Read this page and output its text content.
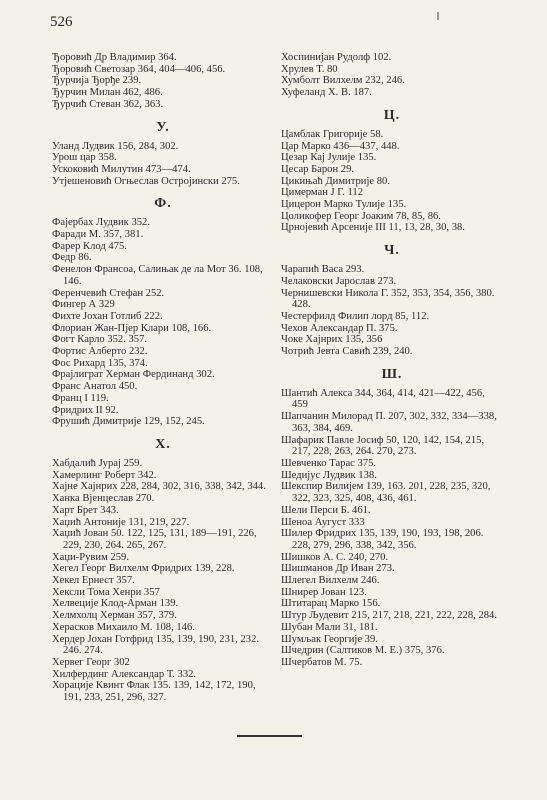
526
Ђоровић Др Владимир 364.
Ђоровић Светозар 364, 404—406, 456.
Ђурчија Ђорђе 239.
Ђурчин Милан 462, 486.
Ђурчић Стеван 362, 363.
У.
Уланд Лудвик 156, 284, 302.
Урош цар 358.
Ускоковић Милутин 473—474.
Утјешеновић Огњеслав Остројински 275.
Ф.
Фајербах Лудвик 352.
Фаради М. 357, 381.
Фарер Клод 475.
Федр 86.
Фенелон Франсоа, Салињак де ла Мот 36. 108, 146.
Ференчевић Стефан 252.
Фингер А 329
Фихте Јохан Готлиб 222.
Флориан Жан-Пјер Клари 108, 166.
Фогт Карло 352. 357.
Фортис Алберто 232.
Фос Рихард 135, 374.
Фрајлиграт Херман Фердинанд 302.
Франс Анатол 450.
Франц I 119.
Фридрих II 92.
Фрушић Димитрије 129, 152, 245.
Х.
Хабдалић Јурај 259.
Хамерлинг Роберт 342.
Хајне Хајнрих 228, 284, 302, 316, 338, 342, 344.
Ханка Вјенцеслав 270.
Харт Брет 343.
Хаџић Антоније 131, 219, 227.
Хаџић Јован 50. 122, 125, 131, 189—191, 226, 229, 230, 264. 265, 267.
Хаџи-Рувим 259.
Хегел Георг Вилхелм Фридрих 139, 228.
Хекел Ернест 357.
Хексли Тома Хенри 357
Хелвеције Клод-Арман 139.
Хелмхолц Херман 357, 379.
Херасков Михаило М. 108, 146.
Хердер Јохан Готфрид 135, 139, 190, 231, 232. 246. 274.
Хервег Георг 302
Хилфердинг Александар Т. 332.
Хорације Квинт Флак 135. 139, 142, 172, 190, 191, 233, 251, 296, 327.
Хоспинијан Рудолф 102.
Хрулев Т. 80
Хумболт Вилхелм 232, 246.
Хуфеланд Х. В. 187.
Ц.
Цамблак Григорије 58.
Цар Марко 436—437, 448.
Цезар Кај Јулије 135.
Цесар Барон 29.
Цикињаћ Димитрије 80.
Цимерман Ј Г. 112
Цицерон Марко Тулије 135.
Цоликофер Георг Јоаким 78, 85, 86.
Црнојевић Арсеније III 11, 13, 28, 30, 38.
Ч.
Чарапић Васа 293.
Челаковски Јарослав 273.
Чернишевски Никола Г. 352, 353, 354, 356, 380. 428.
Честерфилд Филип лорд 85, 112.
Чехов Александар П. 375.
Чоке Хајнрих 135, 356
Чотрић Јевта Савић 239, 240.
Ш.
Шантић Алекса 344, 364, 414, 421—422, 456, 459
Шапчанин Милорад П. 207, 302, 332, 334—338, 363, 384, 469.
Шафарик Павле Јосиф 50, 120, 142, 154, 215, 217, 228, 263, 264. 270, 273.
Шевченко Тарас 375.
Шедијус Лудвик 138.
Шекспир Вилијем 139, 163. 201, 228, 235, 320, 322, 323, 325, 408, 436, 461.
Шели Перси Б. 461.
Шеноа Аугуст 333
Шилер Фридрих 135, 139, 190, 193, 198, 206. 228, 279, 296, 338, 342, 356.
Шишков А. С. 240, 270.
Шишманов Др Иван 273.
Шлегел Вилхелм 246.
Шнирер Јован 123.
Штитарац Марко 156.
Штур Људевит 215, 217, 218, 221, 222, 228, 284.
Шубан Мали 31, 181.
Шумљак Георгије 39.
Шчедрин (Салтиков М. Е.) 375, 376.
Шчербатов М. 75.
